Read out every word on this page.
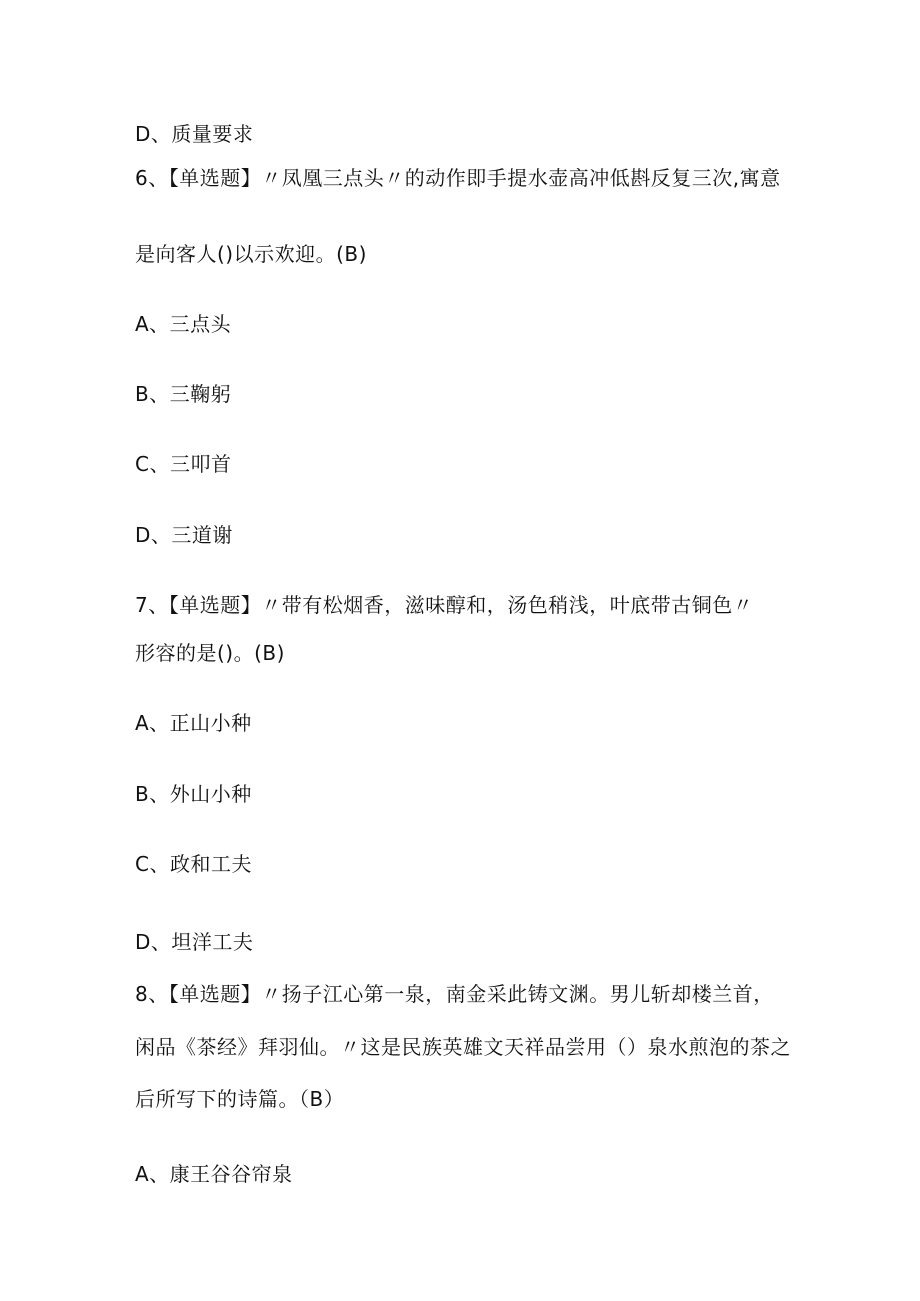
D、质量要求
6、【单选题】〃凤凰三点头〃的动作即手提水壶高冲低斟反复三次,寓意
是向客人()以示欢迎。(B)
A、三点头
B、三鞠躬
C、三叩首
D、三道谢
7、【单选题】〃带有松烟香，滋味醇和，汤色稍浅，叶底带古铜色〃
形容的是()。(B)
A、正山小种
B、外山小种
C、政和工夫
D、坦洋工夫
8、【单选题】〃扬子江心第一泉，南金采此铸文渊。男儿斩却楼兰首，
闲品《茶经》拜羽仙。〃这是民族英雄文天祥品尝用（）泉水煎泡的茶之
后所写下的诗篇。（B）
A、康王谷谷帘泉
